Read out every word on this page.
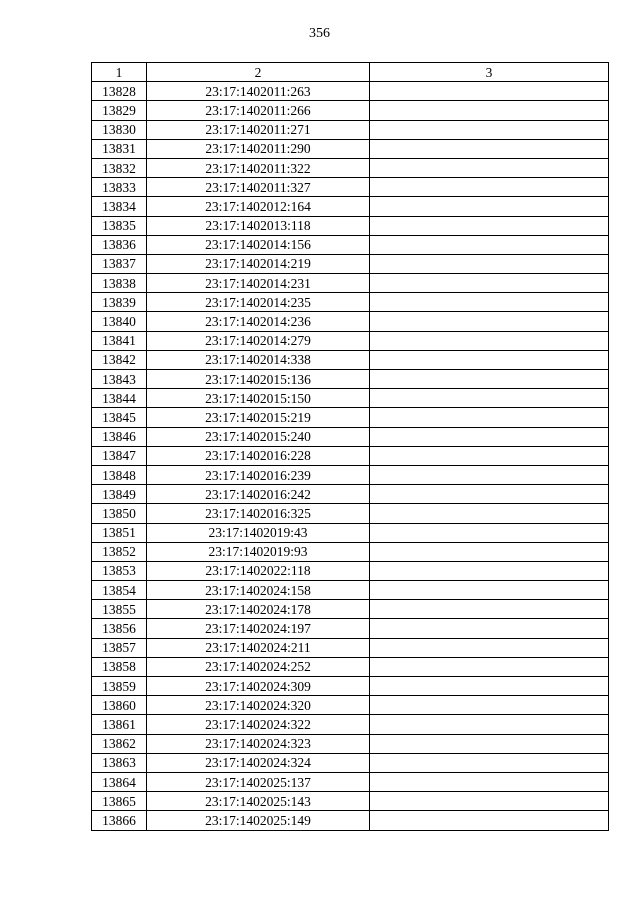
356
1	2	3
13828	23:17:1402011:263	
13829	23:17:1402011:266	
13830	23:17:1402011:271	
13831	23:17:1402011:290	
13832	23:17:1402011:322	
13833	23:17:1402011:327	
13834	23:17:1402012:164	
13835	23:17:1402013:118	
13836	23:17:1402014:156	
13837	23:17:1402014:219	
13838	23:17:1402014:231	
13839	23:17:1402014:235	
13840	23:17:1402014:236	
13841	23:17:1402014:279	
13842	23:17:1402014:338	
13843	23:17:1402015:136	
13844	23:17:1402015:150	
13845	23:17:1402015:219	
13846	23:17:1402015:240	
13847	23:17:1402016:228	
13848	23:17:1402016:239	
13849	23:17:1402016:242	
13850	23:17:1402016:325	
13851	23:17:1402019:43	
13852	23:17:1402019:93	
13853	23:17:1402022:118	
13854	23:17:1402024:158	
13855	23:17:1402024:178	
13856	23:17:1402024:197	
13857	23:17:1402024:211	
13858	23:17:1402024:252	
13859	23:17:1402024:309	
13860	23:17:1402024:320	
13861	23:17:1402024:322	
13862	23:17:1402024:323	
13863	23:17:1402024:324	
13864	23:17:1402025:137	
13865	23:17:1402025:143	
13866	23:17:1402025:149	
